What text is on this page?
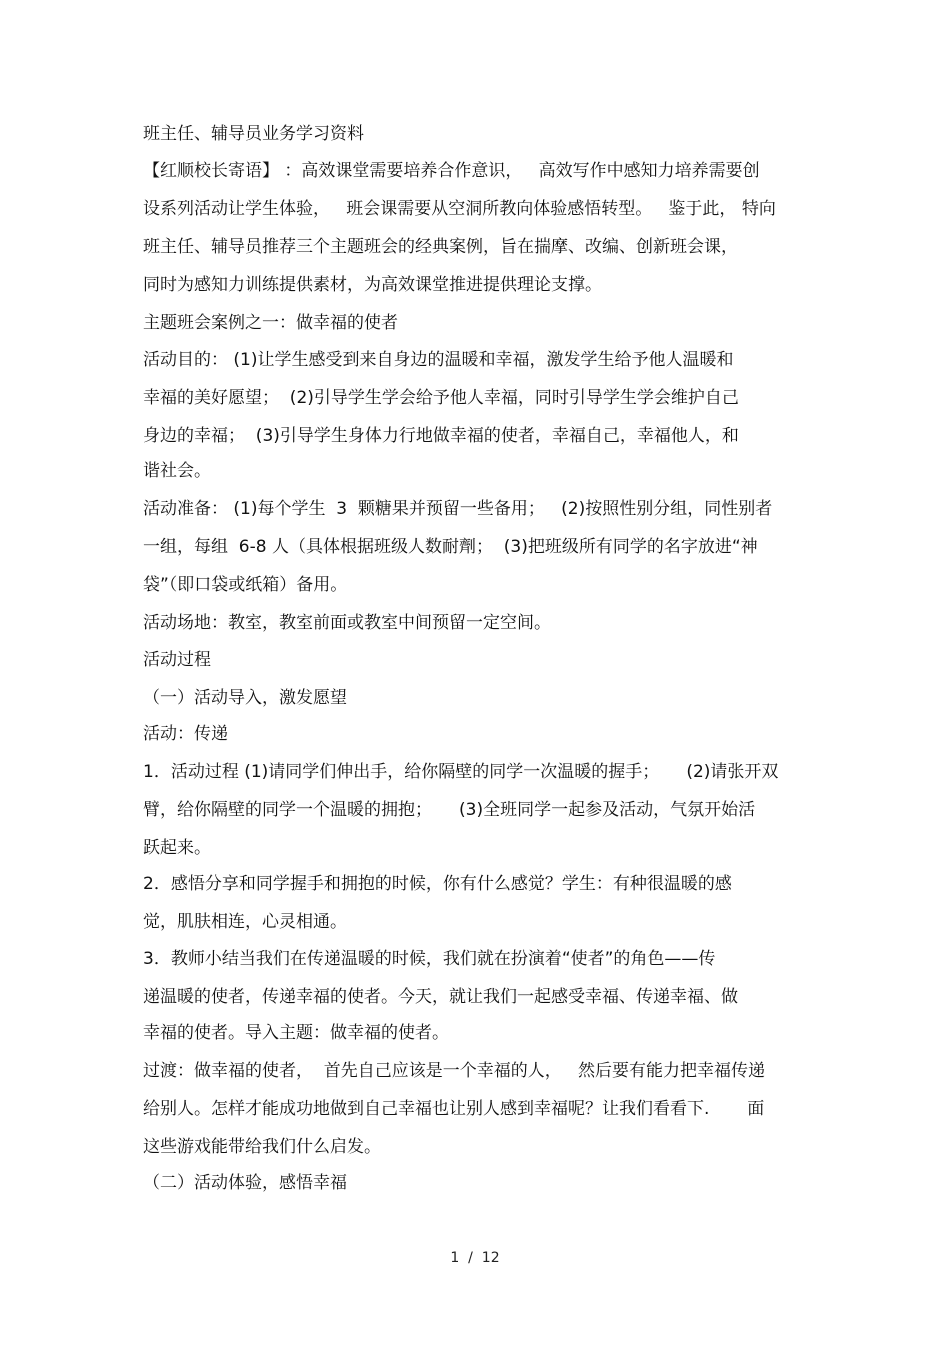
班主任、辅导员业务学习资料
【红顺校长寄语】 ：高效课堂需要培养合作意识，   高效写作中感知力培养需要创
设系列活动让学生体验，   班会课需要从空洞所教向体验感悟转型。   鉴于此， 特向
班主任、辅导员推荐三个主题班会的经典案例，旨在揣摩、改编、创新班会课，
同时为感知力训练提供素材，为高效课堂推进提供理论支撑。
主题班会案例之一：做幸福的使者
活动目的： (1)让学生感受到来自身边的温暖和幸福，激发学生给予他人温暖和
幸福的美好愿望；  (2)引导学生学会给予他人幸福，同时引导学生学会维护自己
身边的幸福；  (3)引导学生身体力行地做幸福的使者，幸福自己，幸福他人，和
谐社会。
活动准备： (1)每个学生  3  颗糖果并预留一些备用；   (2)按照性别分组，同性别者
一组，每组  6-8 人（具体根据班级人数耐劑；  (3)把班级所有同学的名字放进“神
袋”（即口袋或纸箱）备用。
活动场地：教室，教室前面或教室中间预留一定空间。
活动过程
（一）活动导入，激发愿望
活动：传递
1．活动过程 (1)请同学们伸出手，给你隔壁的同学一次温暖的握手；     (2)请张开双
臂，给你隔壁的同学一个温暖的拥抱；     (3)全班同学一起参及活动，气氛开始活
跃起来。
2．感悟分享和同学握手和拥抱的时候，你有什么感觉？学生：有种很温暖的感
觉，肌肤相连，心灵相通。
3．教师小结当我们在传递温暖的时候，我们就在扮演着“使者”的角色——传
递温暖的使者，传递幸福的使者。今天，就让我们一起感受幸福、传递幸福、做
幸福的使者。导入主题：做幸福的使者。
过渡：做幸福的使者，  首先自己应该是一个幸福的人，   然后要有能力把幸福传递
给别人。怎样才能成功地做到自己幸福也让别人感到幸福呢？让我们看看下.       面
这些游戏能带给我们什么启发。
（二）活动体验，感悟幸福
1  /  12
